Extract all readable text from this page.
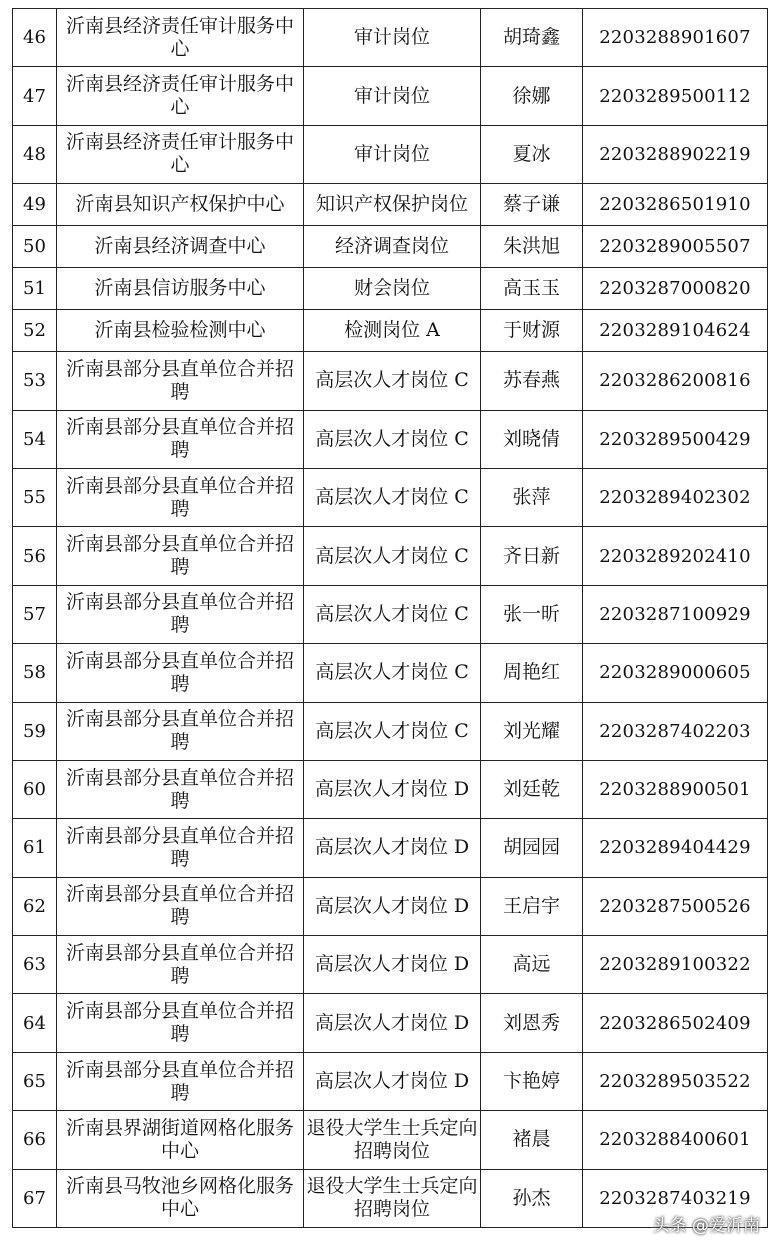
46	沂南县经济责任审计服务中心	审计岗位	胡琦鑫	2203288901607
47	沂南县经济责任审计服务中心	审计岗位	徐娜	2203289500112
48	沂南县经济责任审计服务中心	审计岗位	夏冰	2203288902219
49	沂南县知识产权保护中心	知识产权保护岗位	蔡子谦	2203286501910
50	沂南县经济调查中心	经济调查岗位	朱洪旭	2203289005507
51	沂南县信访服务中心	财会岗位	高玉玉	2203287000820
52	沂南县检验检测中心	检测岗位 A	于财源	2203289104624
53	沂南县部分县直单位合并招聘	高层次人才岗位 C	苏春燕	2203286200816
54	沂南县部分县直单位合并招聘	高层次人才岗位 C	刘晓倩	2203289500429
55	沂南县部分县直单位合并招聘	高层次人才岗位 C	张萍	2203289402302
56	沂南县部分县直单位合并招聘	高层次人才岗位 C	齐日新	2203289202410
57	沂南县部分县直单位合并招聘	高层次人才岗位 C	张一昕	2203287100929
58	沂南县部分县直单位合并招聘	高层次人才岗位 C	周艳红	2203289000605
59	沂南县部分县直单位合并招聘	高层次人才岗位 C	刘光耀	2203287402203
60	沂南县部分县直单位合并招聘	高层次人才岗位 D	刘廷乾	2203288900501
61	沂南县部分县直单位合并招聘	高层次人才岗位 D	胡园园	2203289404429
62	沂南县部分县直单位合并招聘	高层次人才岗位 D	王启宇	2203287500526
63	沂南县部分县直单位合并招聘	高层次人才岗位 D	高远	2203289100322
64	沂南县部分县直单位合并招聘	高层次人才岗位 D	刘恩秀	2203286502409
65	沂南县部分县直单位合并招聘	高层次人才岗位 D	卞艳婷	2203289503522
66	沂南县界湖街道网格化服务中心	退役大学生士兵定向招聘岗位	褚晨	2203288400601
67	沂南县马牧池乡网格化服务中心	退役大学生士兵定向招聘岗位	孙杰	2203287403219
头条 @爱沂南
